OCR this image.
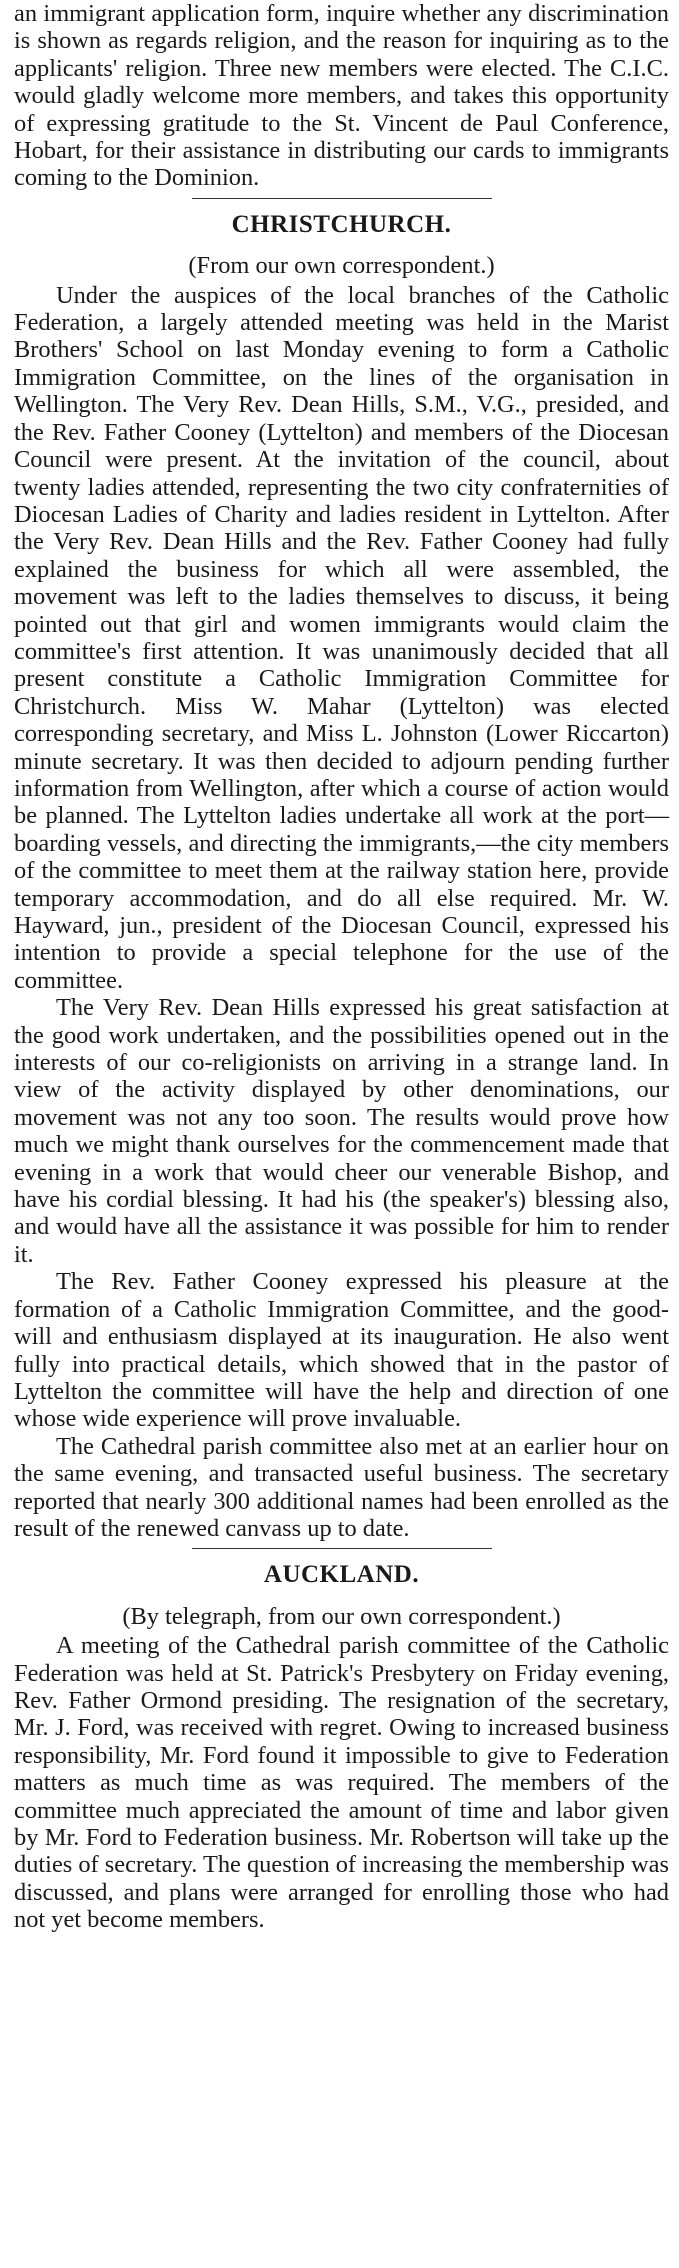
an immigrant application form, inquire whether any discrimination is shown as regards religion, and the reason for inquiring as to the applicants' religion. Three new members were elected. The C.I.C. would gladly welcome more members, and takes this opportunity of expressing gratitude to the St. Vincent de Paul Conference, Hobart, for their assistance in distributing our cards to immigrants coming to the Dominion.

CHRISTCHURCH.

(From our own correspondent.)

Under the auspices of the local branches of the Catholic Federation, a largely attended meeting was held in the Marist Brothers' School on last Monday evening to form a Catholic Immigration Committee, on the lines of the organisation in Wellington. The Very Rev. Dean Hills, S.M., V.G., presided, and the Rev. Father Cooney (Lyttelton) and members of the Diocesan Council were present. At the invitation of the council, about twenty ladies attended, representing the two city confraternities of Diocesan Ladies of Charity and ladies resident in Lyttelton. After the Very Rev. Dean Hills and the Rev. Father Cooney had fully explained the business for which all were assembled, the movement was left to the ladies themselves to discuss, it being pointed out that girl and women immigrants would claim the committee's first attention. It was unanimously decided that all present constitute a Catholic Immigration Committee for Christchurch. Miss W. Mahar (Lyttelton) was elected corresponding secretary, and Miss L. Johnston (Lower Riccarton) minute secretary. It was then decided to adjourn pending further information from Wellington, after which a course of action would be planned. The Lyttelton ladies undertake all work at the port—boarding vessels, and directing the immigrants,—the city members of the committee to meet them at the railway station here, provide temporary accommodation, and do all else required. Mr. W. Hayward, jun., president of the Diocesan Council, expressed his intention to provide a special telephone for the use of the committee.

The Very Rev. Dean Hills expressed his great satisfaction at the good work undertaken, and the possibilities opened out in the interests of our co-religionists on arriving in a strange land. In view of the activity displayed by other denominations, our movement was not any too soon. The results would prove how much we might thank ourselves for the commencement made that evening in a work that would cheer our venerable Bishop, and have his cordial blessing. It had his (the speaker's) blessing also, and would have all the assistance it was possible for him to render it.

The Rev. Father Cooney expressed his pleasure at the formation of a Catholic Immigration Committee, and the good-will and enthusiasm displayed at its inauguration. He also went fully into practical details, which showed that in the pastor of Lyttelton the committee will have the help and direction of one whose wide experience will prove invaluable.

The Cathedral parish committee also met at an earlier hour on the same evening, and transacted useful business. The secretary reported that nearly 300 additional names had been enrolled as the result of the renewed canvass up to date.

AUCKLAND.

(By telegraph, from our own correspondent.)

A meeting of the Cathedral parish committee of the Catholic Federation was held at St. Patrick's Presbytery on Friday evening, Rev. Father Ormond presiding. The resignation of the secretary, Mr. J. Ford, was received with regret. Owing to increased business responsibility, Mr. Ford found it impossible to give to Federation matters as much time as was required. The members of the committee much appreciated the amount of time and labor given by Mr. Ford to Federation business. Mr. Robertson will take up the duties of secretary. The question of increasing the membership was discussed, and plans were arranged for enrolling those who had not yet become members.
